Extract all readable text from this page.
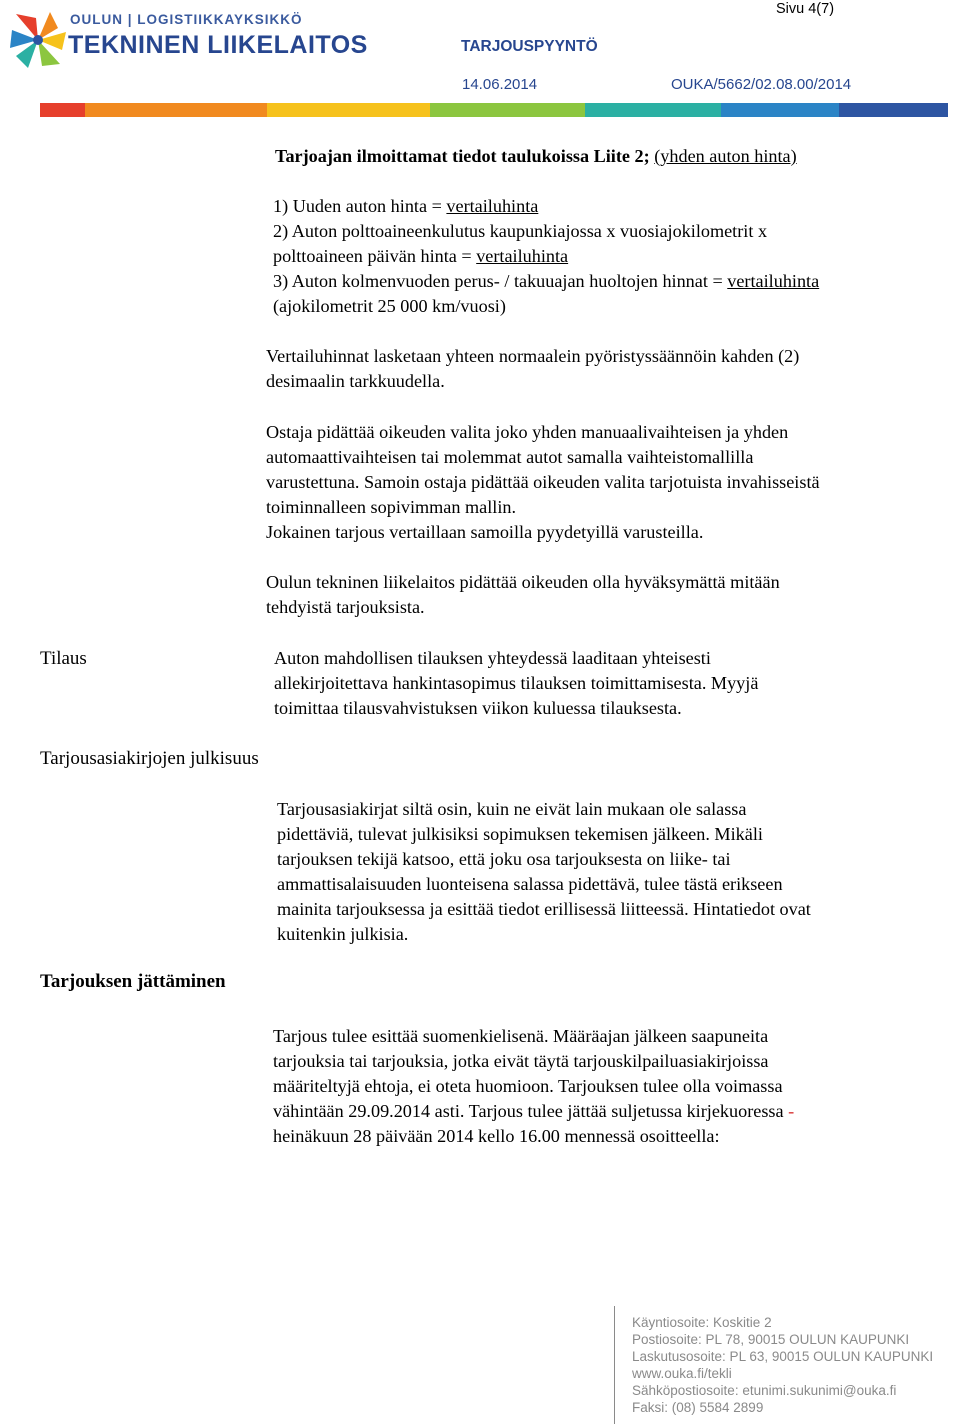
OULUN | LOGISTIIKKAYKSIKKÖ
TEKNINEN LIIKELAITOS	TARJOUSPYYNTÖ
Sivu 4(7)
14.06.2014	OUKA/5662/02.08.00/2014
Tarjoajan ilmoittamat tiedot taulukoissa Liite 2; (yhden auton hinta)
1) Uuden auton hinta = vertailuhinta
2) Auton polttoaineenkulutus kaupunkiajossa x vuosiajokilometrit x
polttoaineen päivän hinta = vertailuhinta
3) Auton kolmenvuoden perus- / takuuajan huoltojen hinnat = vertailuhinta
(ajokilometrit 25 000 km/vuosi)
Vertailuhinnat lasketaan yhteen normaalein pyöristyssäännöin kahden (2)
desimaalin tarkkuudella.
Ostaja pidättää oikeuden valita joko yhden manuaalivaihteisen ja yhden
automaattivaihteisen tai molemmat autot samalla vaihteistomallilla
varustettuna. Samoin ostaja pidättää oikeuden valita tarjotuista invahisseistä
toiminnalleen sopivimman mallin.
Jokainen tarjous vertaillaan samoilla pyydetyillä varusteilla.
Oulun tekninen liikelaitos pidättää oikeuden olla hyväksymättä mitään
tehdyistä tarjouksista.
Tilaus	Auton mahdollisen tilauksen yhteydessä laaditaan yhteisesti
allekirjoitettava hankintasopimus tilauksen toimittamisesta. Myyjä
toimittaa tilausvahvistuksen viikon kuluessa tilauksesta.
Tarjousasiakirjojen julkisuus
Tarjousasiakirjat siltä osin, kuin ne eivät lain mukaan ole salassa
pidettäviä, tulevat julkisiksi sopimuksen tekemisen jälkeen. Mikäli
tarjouksen tekijä katsoo, että joku osa tarjouksesta on liike- tai
ammattisalaisuuden luonteisena salassa pidettävä, tulee tästä erikseen
mainita tarjouksessa ja esittää tiedot erillisessä liitteessä. Hintatiedot ovat
kuitenkin julkisia.
Tarjouksen jättäminen
Tarjous tulee esittää suomenkielisenä. Määräajan jälkeen saapuneita
tarjouksia tai tarjouksia, jotka eivät täytä tarjouskilpailuasiakirjoissa
määriteltyjä ehtoja, ei oteta huomioon. Tarjouksen tulee olla voimassa
vähintään 29.09.2014 asti. Tarjous tulee jättää suljetussa kirjekuoressa -
heinäkuun 28 päivään 2014 kello 16.00 mennessä osoitteella:
Käyntiosoite: Koskitie 2
Postiosoite: PL 78, 90015 OULUN KAUPUNKI
Laskutusosoite: PL 63, 90015 OULUN KAUPUNKI
www.ouka.fi/tekli
Sähköpostiosoite: etunimi.sukunimi@ouka.fi
Faksi: (08) 5584 2899
